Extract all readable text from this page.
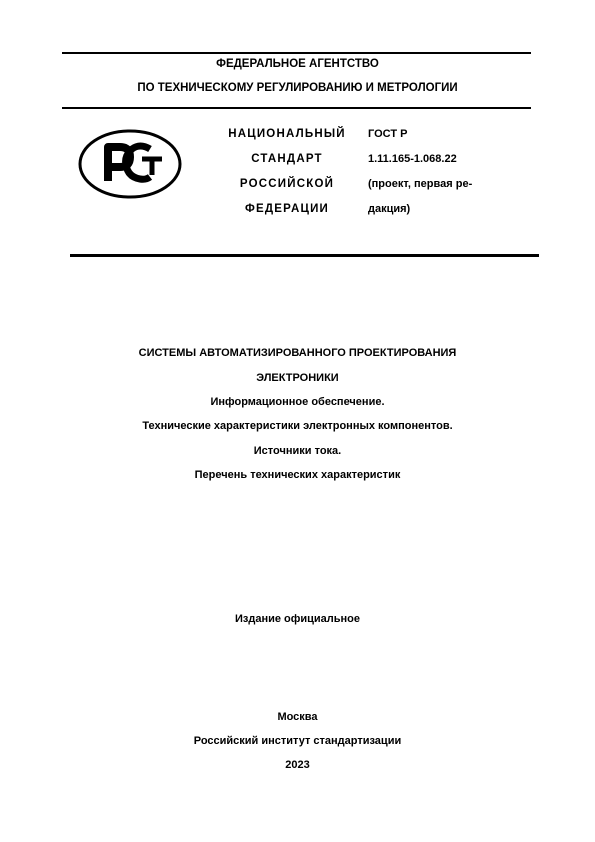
ФЕДЕРАЛЬНОЕ АГЕНТСТВО
ПО ТЕХНИЧЕСКОМУ РЕГУЛИРОВАНИЮ И МЕТРОЛОГИИ
НАЦИОНАЛЬНЫЙ
СТАНДАРТ
РОССИЙСКОЙ
ФЕДЕРАЦИИ
ГОСТ Р
1.11.165-1.068.22
(проект, первая ре-
дакция)
СИСТЕМЫ АВТОМАТИЗИРОВАННОГО ПРОЕКТИРОВАНИЯ
ЭЛЕКТРОНИКИ
Информационное обеспечение.
Технические характеристики электронных компонентов.
Источники тока.
Перечень технических характеристик
Издание официальное
Москва
Российский институт стандартизации
2023
